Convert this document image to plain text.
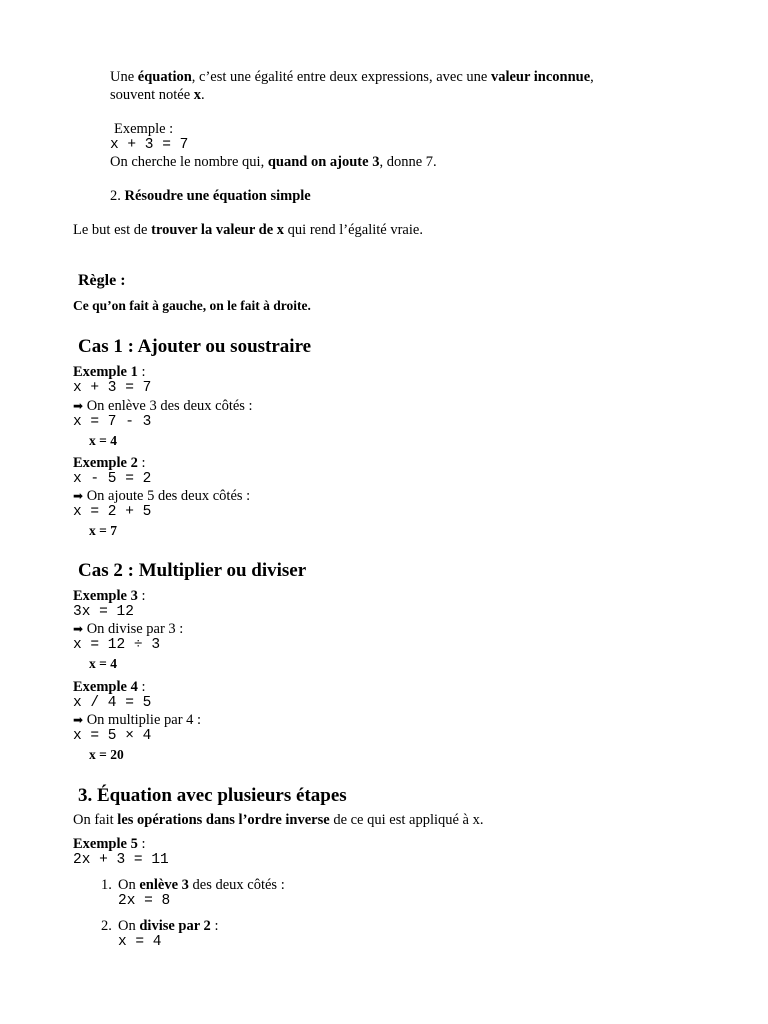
Une équation, c’est une égalité entre deux expressions, avec une valeur inconnue,
souvent notée x.
Exemple :
x + 3 = 7
On cherche le nombre qui, quand on ajoute 3, donne 7.
2. Résoudre une équation simple
Le but est de trouver la valeur de x qui rend l’égalité vraie.
Règle :
Ce qu’on fait à gauche, on le fait à droite.
Cas 1 : Ajouter ou soustraire
Exemple 1 :
x + 3 = 7
➡ On enlève 3 des deux côtés :
x = 7 - 3
x = 4
Exemple 2 :
x - 5 = 2
➡ On ajoute 5 des deux côtés :
x = 2 + 5
x = 7
Cas 2 : Multiplier ou diviser
Exemple 3 :
3x = 12
➡ On divise par 3 :
x = 12 ÷ 3
x = 4
Exemple 4 :
x / 4 = 5
➡ On multiplie par 4 :
x = 5 × 4
x = 20
3. Équation avec plusieurs étapes
On fait les opérations dans l’ordre inverse de ce qui est appliqué à x.
Exemple 5 :
2x + 3 = 11
1. On enlève 3 des deux côtés :
2x = 8
2. On divise par 2 :
x = 4
